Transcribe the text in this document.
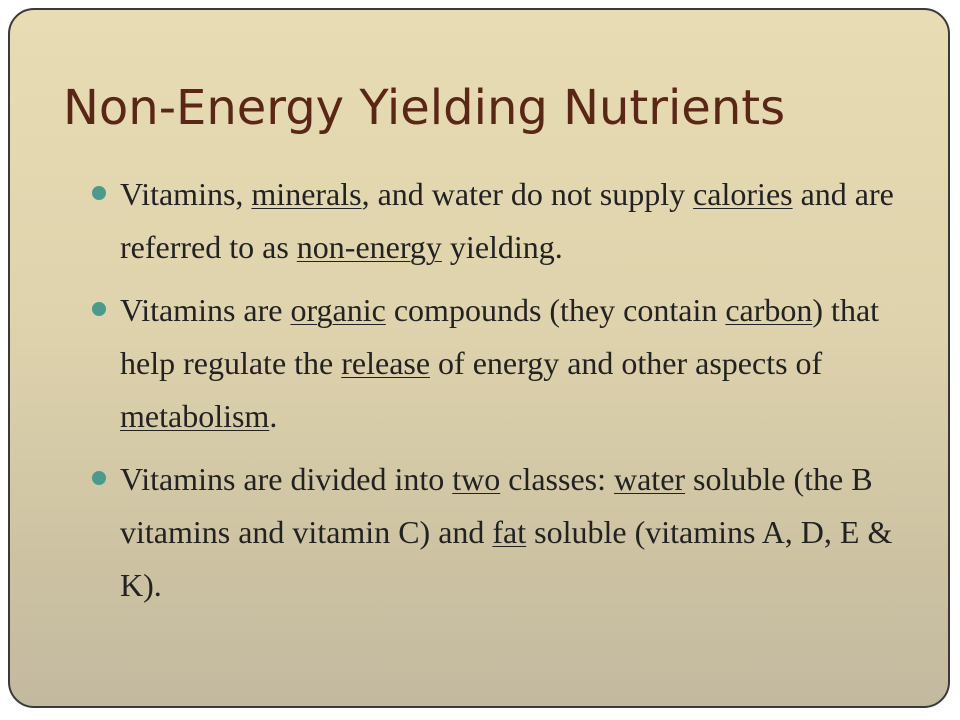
Non-Energy Yielding Nutrients
Vitamins, minerals, and water do not supply calories and are referred to as non-energy yielding.
Vitamins are organic compounds (they contain carbon) that help regulate the release of energy and other aspects of metabolism.
Vitamins are divided into two classes: water soluble (the B vitamins and vitamin C) and fat soluble (vitamins A, D, E & K).
